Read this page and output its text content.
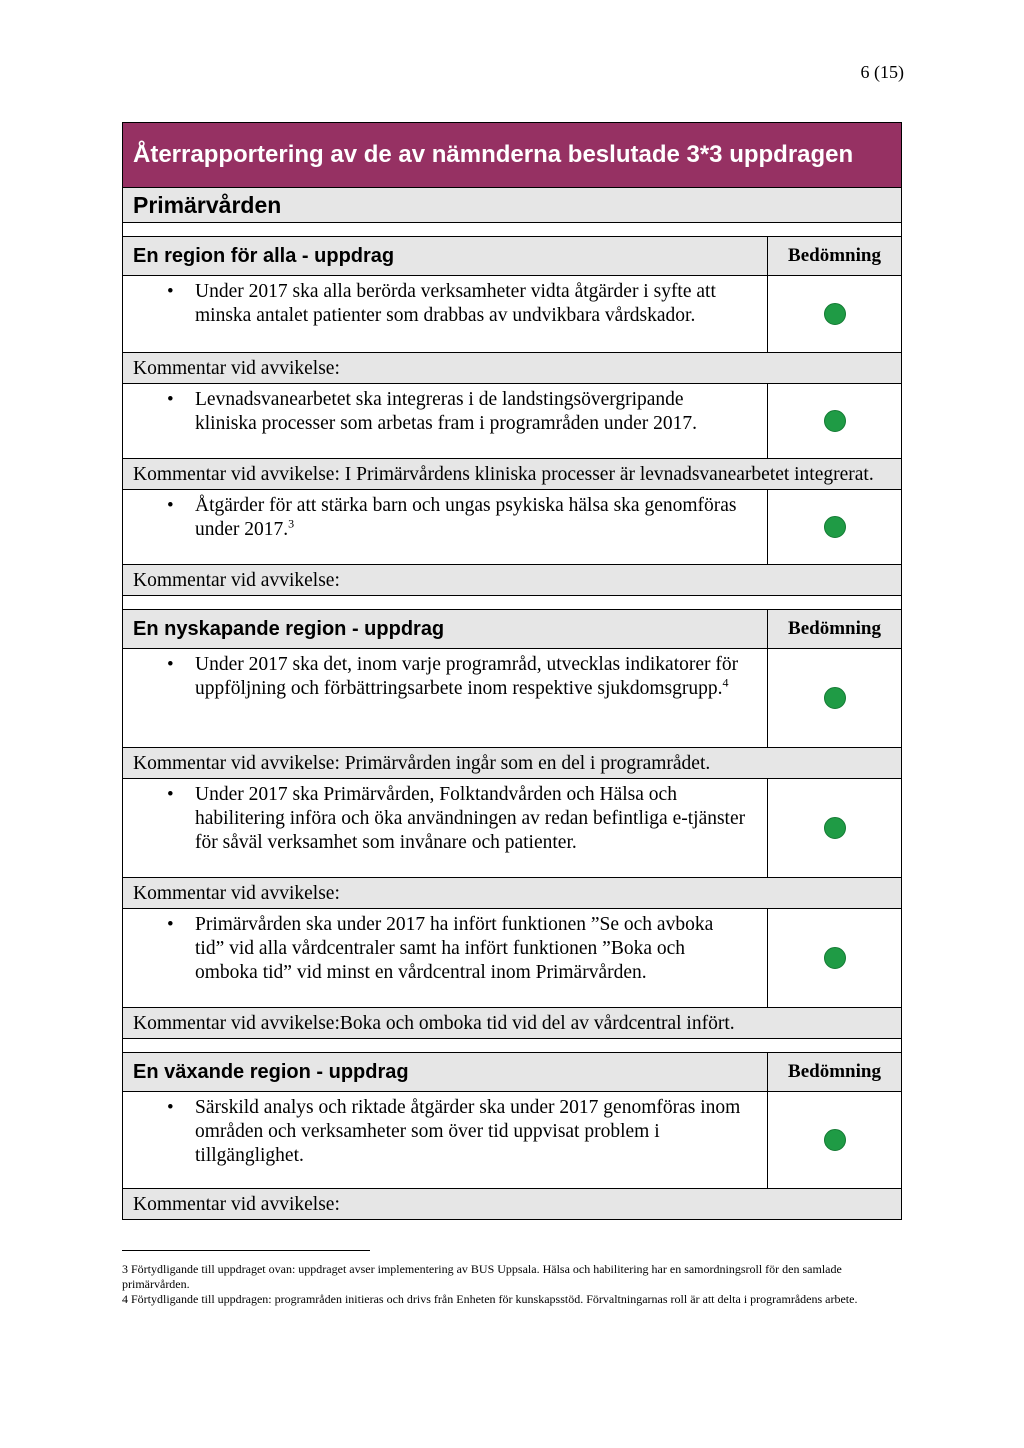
6 (15)
Återrapportering av de av nämnderna beslutade 3*3 uppdragen
Primärvården
En region för alla - uppdrag	Bedömning
• Under 2017 ska alla berörda verksamheter vidta åtgärder i syfte att minska antalet patienter som drabbas av undvikbara vårdskador.
Kommentar vid avvikelse:
• Levnadsvanearbetet ska integreras i de landstingsövergripande kliniska processer som arbetas fram i programråden under 2017.
Kommentar vid avvikelse: I Primärvårdens kliniska processer är levnadsvanearbetet integrerat.
• Åtgärder för att stärka barn och ungas psykiska hälsa ska genomföras under 2017.$^3$
Kommentar vid avvikelse:
En nyskapande region - uppdrag	Bedömning
• Under 2017 ska det, inom varje programråd, utvecklas indikatorer för uppföljning och förbättringsarbete inom respektive sjukdomsgrupp.$^4$
Kommentar vid avvikelse: Primärvården ingår som en del i programrådet.
• Under 2017 ska Primärvården, Folktandvården och Hälsa och habilitering införa och öka användningen av redan befintliga e-tjänster för såväl verksamhet som invånare och patienter.
Kommentar vid avvikelse:
• Primärvården ska under 2017 ha infört funktionen ”Se och avboka tid” vid alla vårdcentraler samt ha infört funktionen ”Boka och omboka tid” vid minst en vårdcentral inom Primärvården.
Kommentar vid avvikelse:Boka och omboka tid vid del av vårdcentral infört.
En växande region - uppdrag	Bedömning
• Särskild analys och riktade åtgärder ska under 2017 genomföras inom områden och verksamheter som över tid uppvisat problem i tillgänglighet.
Kommentar vid avvikelse:

3 Förtydligande till uppdraget ovan: uppdraget avser implementering av BUS Uppsala. Hälsa och habilitering har en samordningsroll för den samlade primärvården.

4 Förtydligande till uppdragen: programråden initieras och drivs från Enheten för kunskapsstöd. Förvaltningarnas roll är att delta i programrådens arbete.
